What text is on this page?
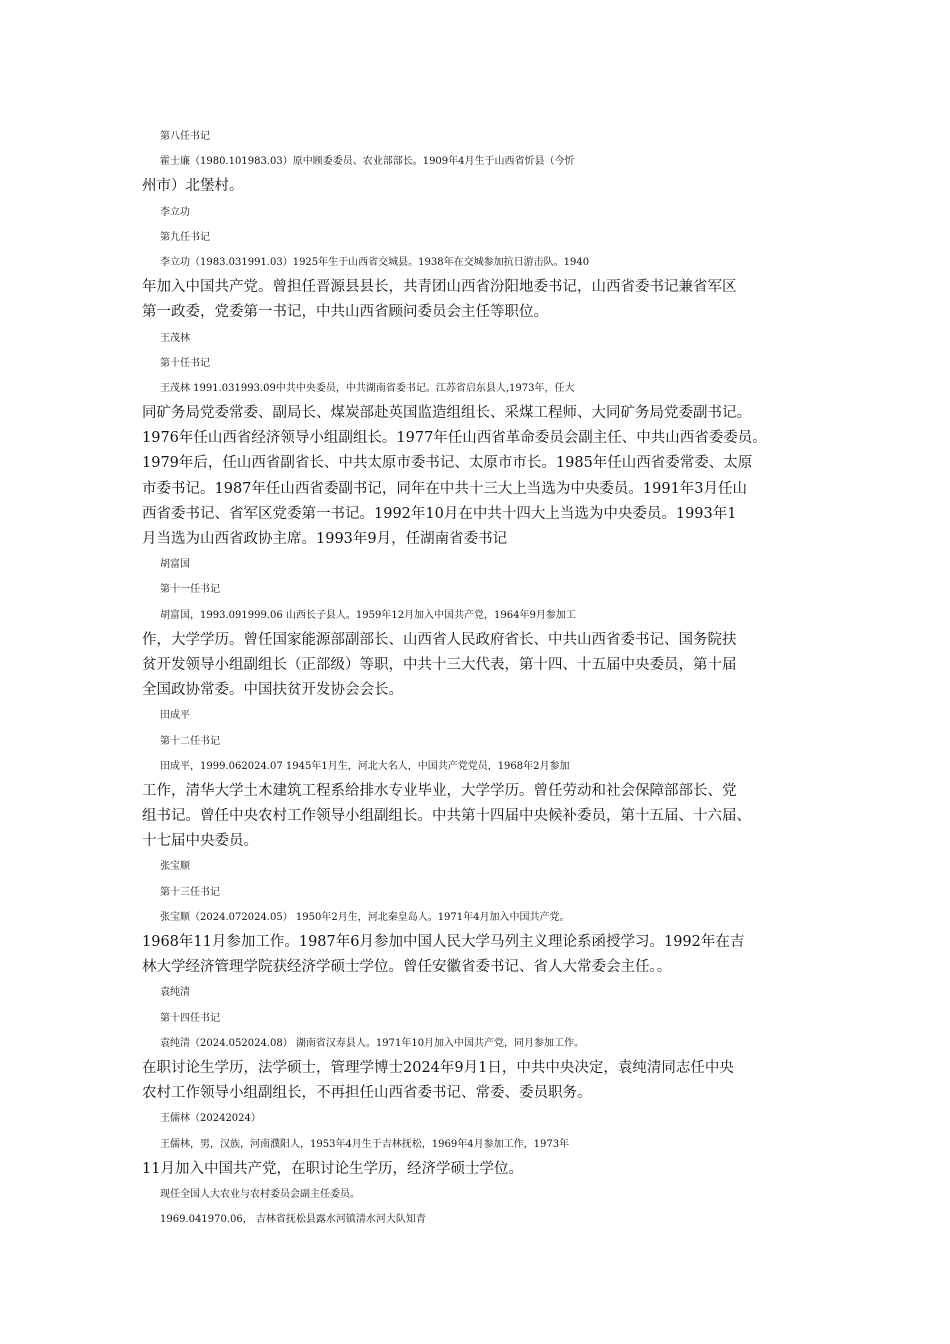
第八任书记
霍士廉（1980.101983.03）原中顾委委员、农业部部长。1909年4月生于山西省忻县（今忻
州市）北堡村。
李立功
第九任书记
李立功（1983.031991.03）1925年生于山西省交城县。1938年在交城参加抗日游击队。1940
年加入中国共产党。曾担任晋源县县长，共青团山西省汾阳地委书记，山西省委书记兼省军区
第一政委，党委第一书记，中共山西省顾问委员会主任等职位。
王茂林
第十任书记
王茂林 1991.031993.09中共中央委员，中共湖南省委书记。江苏省启东县人,1973年，任大
同矿务局党委常委、副局长、煤炭部赴英国监造组组长、采煤工程师、大同矿务局党委副书记。
1976年任山西省经济领导小组副组长。1977年任山西省革命委员会副主任、中共山西省委委员。
1979年后，任山西省副省长、中共太原市委书记、太原市市长。1985年任山西省委常委、太原
市委书记。1987年任山西省委副书记，同年在中共十三大上当选为中央委员。1991年3月任山
西省委书记、省军区党委第一书记。1992年10月在中共十四大上当选为中央委员。1993年1
月当选为山西省政协主席。1993年9月，任湖南省委书记
胡富国
第十一任书记
胡富国，1993.091999.06 山西长子县人。1959年12月加入中国共产党，1964年9月参加工
作，大学学历。曾任国家能源部副部长、山西省人民政府省长、中共山西省委书记、国务院扶
贫开发领导小组副组长（正部级）等职，中共十三大代表，第十四、十五届中央委员，第十届
全国政协常委。中国扶贫开发协会会长。
田成平
第十二任书记
田成平，1999.062024.07 1945年1月生，河北大名人，中国共产党党员，1968年2月参加
工作，清华大学土木建筑工程系给排水专业毕业，大学学历。曾任劳动和社会保障部部长、党
组书记。曾任中央农村工作领导小组副组长。中共第十四届中央候补委员，第十五届、十六届、
十七届中央委员。
张宝顺
第十三任书记
张宝顺（2024.072024.05） 1950年2月生，河北秦皇岛人。1971年4月加入中国共产党。
1968年11月参加工作。1987年6月参加中国人民大学马列主义理论系函授学习。1992年在吉
林大学经济管理学院获经济学硕士学位。曾任安徽省委书记、省人大常委会主任。。
袁纯清
第十四任书记
袁纯清（2024.052024.08） 湖南省汉寿县人。1971年10月加入中国共产党，同月参加工作。
在职讨论生学历，法学硕士，管理学博士2024年9月1日，中共中央决定，袁纯清同志任中央
农村工作领导小组副组长，不再担任山西省委书记、常委、委员职务。
王儒林（20242024）
王儒林，男，汉族，河南濮阳人，1953年4月生于吉林抚松，1969年4月参加工作，1973年
11月加入中国共产党，在职讨论生学历，经济学硕士学位。
现任全国人大农业与农村委员会副主任委员。
1969.041970.06， 吉林省抚松县露水河镇清水河大队知青
